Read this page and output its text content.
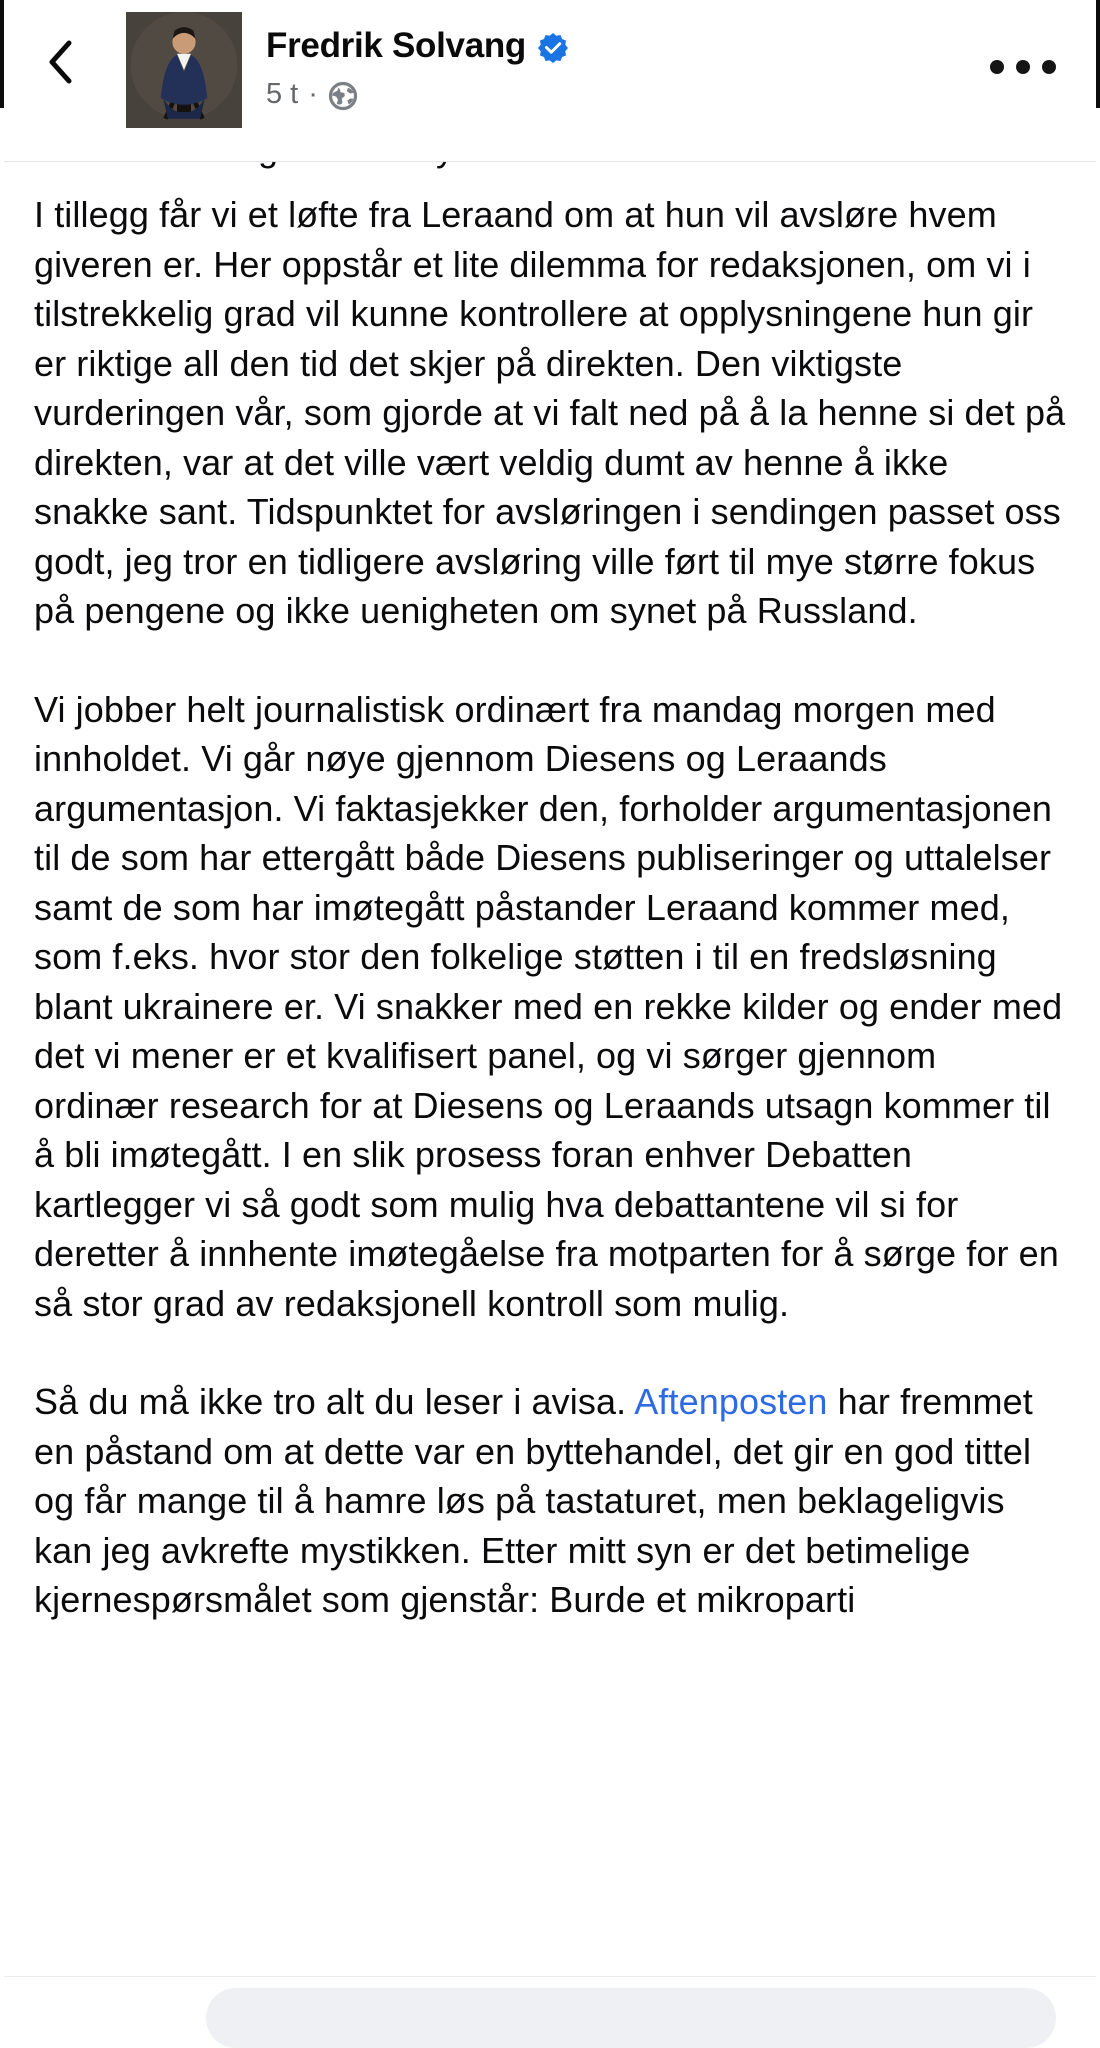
Fredrik Solvang
5 t ·

I tillegg får vi et løfte fra Leraand om at hun vil avsløre hvem giveren er. Her oppstår et lite dilemma for redaksjonen, om vi i tilstrekkelig grad vil kunne kontrollere at opplysningene hun gir er riktige all den tid det skjer på direkten. Den viktigste vurderingen vår, som gjorde at vi falt ned på å la henne si det på direkten, var at det ville vært veldig dumt av henne å ikke snakke sant. Tidspunktet for avsløringen i sendingen passet oss godt, jeg tror en tidligere avsløring ville ført til mye større fokus på pengene og ikke uenigheten om synet på Russland.

Vi jobber helt journalistisk ordinært fra mandag morgen med innholdet. Vi går nøye gjennom Diesens og Leraands argumentasjon. Vi faktasjekker den, forholder argumentasjonen til de som har ettergått både Diesens publiseringer og uttalelser samt de som har imøtegått påstander Leraand kommer med, som f.eks. hvor stor den folkelige støtten i til en fredsløsning blant ukrainere er. Vi snakker med en rekke kilder og ender med det vi mener er et kvalifisert panel, og vi sørger gjennom ordinær research for at Diesens og Leraands utsagn kommer til å bli imøtegått. I en slik prosess foran enhver Debatten kartlegger vi så godt som mulig hva debattantene vil si for deretter å innhente imøtegåelse fra motparten for å sørge for en så stor grad av redaksjonell kontroll som mulig.

Så du må ikke tro alt du leser i avisa. Aftenposten har fremmet en påstand om at dette var en byttehandel, det gir en god tittel og får mange til å hamre løs på tastaturet, men beklageligvis kan jeg avkrefte mystikken. Etter mitt syn er det betimelige kjernespørsmålet som gjenstår: Burde et mikroparti
